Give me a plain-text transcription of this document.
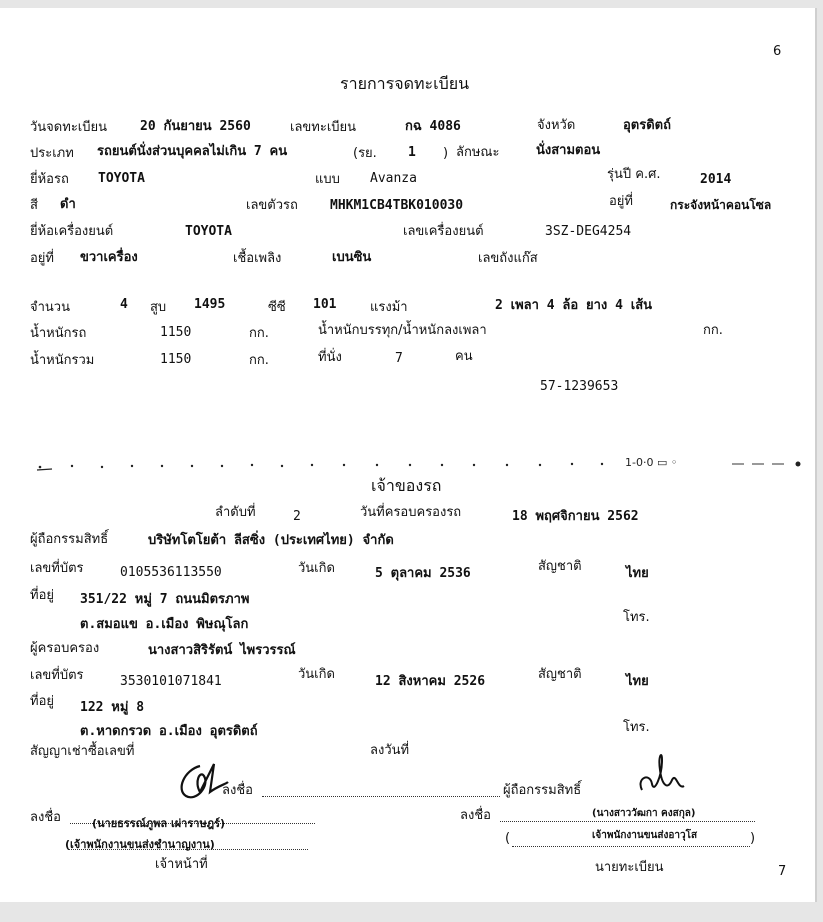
6
รายการจดทะเบียน
วันจดทะเบียน	20 กันยายน 2560	เลขทะเบียน	กฉ 4086	จังหวัด	อุตรดิตถ์
ประเภท รถยนต์นั่งส่วนบุคคลไม่เกิน 7 คน	(รย. 1 ) ลักษณะ	นั่งสามตอน
ยี่ห้อรถ TOYOTA	แบบ Avanza	รุ่นปี ค.ศ.	2014
สี ดำ	เลขตัวรถ MHKM1CB4TBK010030	อยู่ที่	กระจังหน้าคอนโซล
ยี่ห้อเครื่องยนต์	TOYOTA	เลขเครื่องยนต์	3SZ-DEG4254
อยู่ที่ ขวาเครื่อง	เชื้อเพลิง	เบนซิน	เลขถังแก๊ส
จำนวน	4 สูบ 1495	ซีซี 101	แรงม้า	2 เพลา 4 ล้อ ยาง 4 เส้น
น้ำหนักรถ	1150	กก.	น้ำหนักบรรทุก/น้ำหนักลงเพลา	กก.
น้ำหนักรวม	1150	กก.	ที่นั่ง	7	คน
57-1239653
1-0·0 ▭ ◦
เจ้าของรถ
ลำดับที่	2	วันที่ครอบครองรถ	18 พฤศจิกายน 2562
ผู้ถือกรรมสิทธิ์	บริษัทโตโยต้า ลีสซิ่ง (ประเทศไทย) จำกัด
เลขที่บัตร	0105536113550	วันเกิด	5 ตุลาคม 2536	สัญชาติ	ไทย
ที่อยู่ 351/22 หมู่ 7 ถนนมิตรภาพ
ต.สมอแข อ.เมือง พิษณุโลก	โทร.
ผู้ครอบครอง	นางสาวสิริรัตน์ ไพรวรรณ์
เลขที่บัตร	3530101071841	วันเกิด	12 สิงหาคม 2526	สัญชาติ	ไทย
ที่อยู่ 122 หมู่ 8
ต.หาดกรวด อ.เมือง อุตรดิตถ์	โทร.
สัญญาเช่าซื้อเลขที่	ลงวันที่
ลงชื่อ	ผู้ถือกรรมสิทธิ์
ลงชื่อ	(นายธรรณ์ภูพล เผ่าราษฎร์)
(เจ้าพนักงานขนส่งชำนาญงาน)
เจ้าหน้าที่
ลงชื่อ	(นางสาววัฒกา คงสกุล)
(	)
เจ้าพนักงานขนส่งอาวุโส
นายทะเบียน	7
